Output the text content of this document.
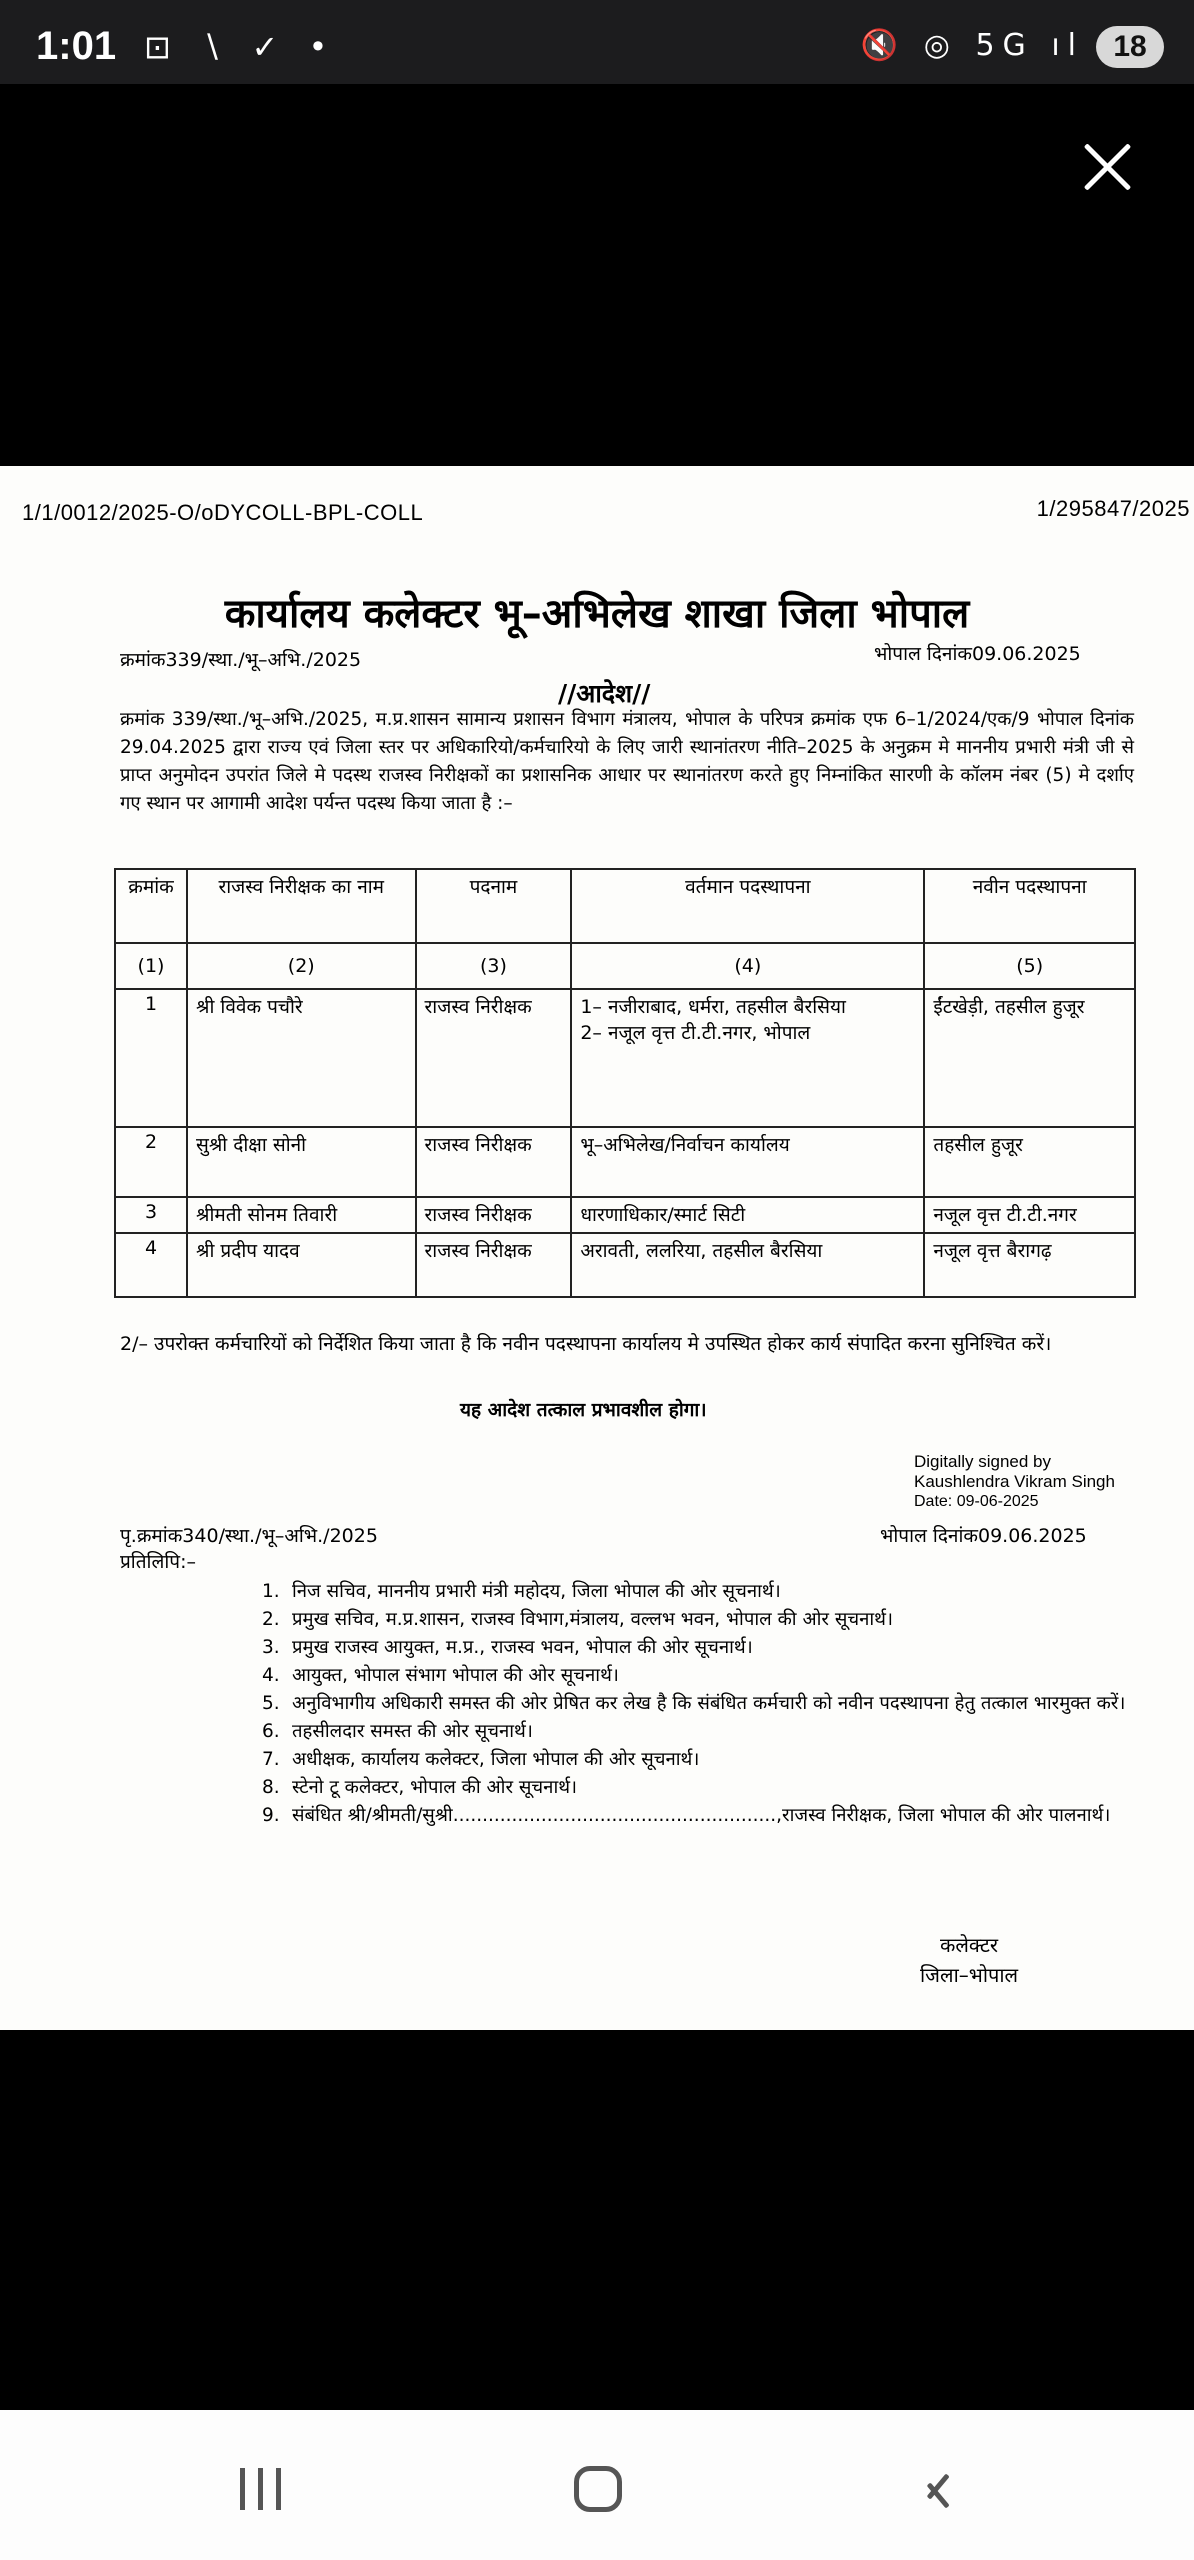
1:01 ⊡ ∖ ✓ •	🔇 ◎ 5G ıl 18
1/1/0012/2025-O/oDYCOLL-BPL-COLL	1/295847/2025
कार्यालय कलेक्टर भू–अभिलेख शाखा जिला भोपाल
क्रमांक339/स्था./भू–अभि./2025	भोपाल दिनांक09.06.2025
//आदेश//

क्रमांक 339/स्था./भू–अभि./2025, म.प्र.शासन सामान्य प्रशासन विभाग मंत्रालय, भोपाल के परिपत्र क्रमांक एफ 6–1/2024/एक/9 भोपाल दिनांक 29.04.2025 द्वारा राज्य एवं जिला स्तर पर अधिकारियो/कर्मचारियो के लिए जारी स्थानांतरण नीति–2025 के अनुक्रम मे माननीय प्रभारी मंत्री जी से प्राप्त अनुमोदन उपरांत जिले मे पदस्थ राजस्व निरीक्षकों का प्रशासनिक आधार पर स्थानांतरण करते हुए निम्नांकित सारणी के कॉलम नंबर (5) मे दर्शाए गए स्थान पर आगामी आदेश पर्यन्त पदस्थ किया जाता है :–

क्रमांक	राजस्व निरीक्षक का नाम	पदनाम	वर्तमान पदस्थापना	नवीन पदस्थापना
(1)	(2)	(3)	(4)	(5)
1	श्री विवेक पचौरे	राजस्व निरीक्षक	1– नजीराबाद, धर्मरा, तहसील बैरसिया
2– नजूल वृत्त टी.टी.नगर, भोपाल	ईंटखेड़ी, तहसील हुजूर
2	सुश्री दीक्षा सोनी	राजस्व निरीक्षक	भू–अभिलेख/निर्वाचन कार्यालय	तहसील हुजूर
3	श्रीमती सोनम तिवारी	राजस्व निरीक्षक	धारणाधिकार/स्मार्ट सिटी	नजूल वृत्त टी.टी.नगर
4	श्री प्रदीप यादव	राजस्व निरीक्षक	अरावती, ललरिया, तहसील बैरसिया	नजूल वृत्त बैरागढ़

2/– उपरोक्त कर्मचारियों को निर्देशित किया जाता है कि नवीन पदस्थापना कार्यालय मे उपस्थित होकर कार्य संपादित करना सुनिश्चित करें।

यह आदेश तत्काल प्रभावशील होगा।
Digitally signed by
Kaushlendra Vikram Singh
Date: 09-06-2025
पृ.क्रमांक340/स्था./भू–अभि./2025	भोपाल दिनांक09.06.2025
प्रतिलिपि:–
1. निज सचिव, माननीय प्रभारी मंत्री महोदय, जिला भोपाल की ओर सूचनार्थ।
2. प्रमुख सचिव, म.प्र.शासन, राजस्व विभाग,मंत्रालय, वल्लभ भवन, भोपाल की ओर सूचनार्थ।
3. प्रमुख राजस्व आयुक्त, म.प्र., राजस्व भवन, भोपाल की ओर सूचनार्थ।
4. आयुक्त, भोपाल संभाग भोपाल की ओर सूचनार्थ।
5. अनुविभागीय अधिकारी समस्त की ओर प्रेषित कर लेख है कि संबंधित कर्मचारी को नवीन पदस्थापना हेतु तत्काल भारमुक्त करें।
6. तहसीलदार समस्त की ओर सूचनार्थ।
7. अधीक्षक, कार्यालय कलेक्टर, जिला भोपाल की ओर सूचनार्थ।
8. स्टेनो टू कलेक्टर, भोपाल की ओर सूचनार्थ।
9. संबंधित श्री/श्रीमती/सुश्री.......................................................,राजस्व निरीक्षक, जिला भोपाल की ओर पालनार्थ।
कलेक्टर
जिला–भोपाल
